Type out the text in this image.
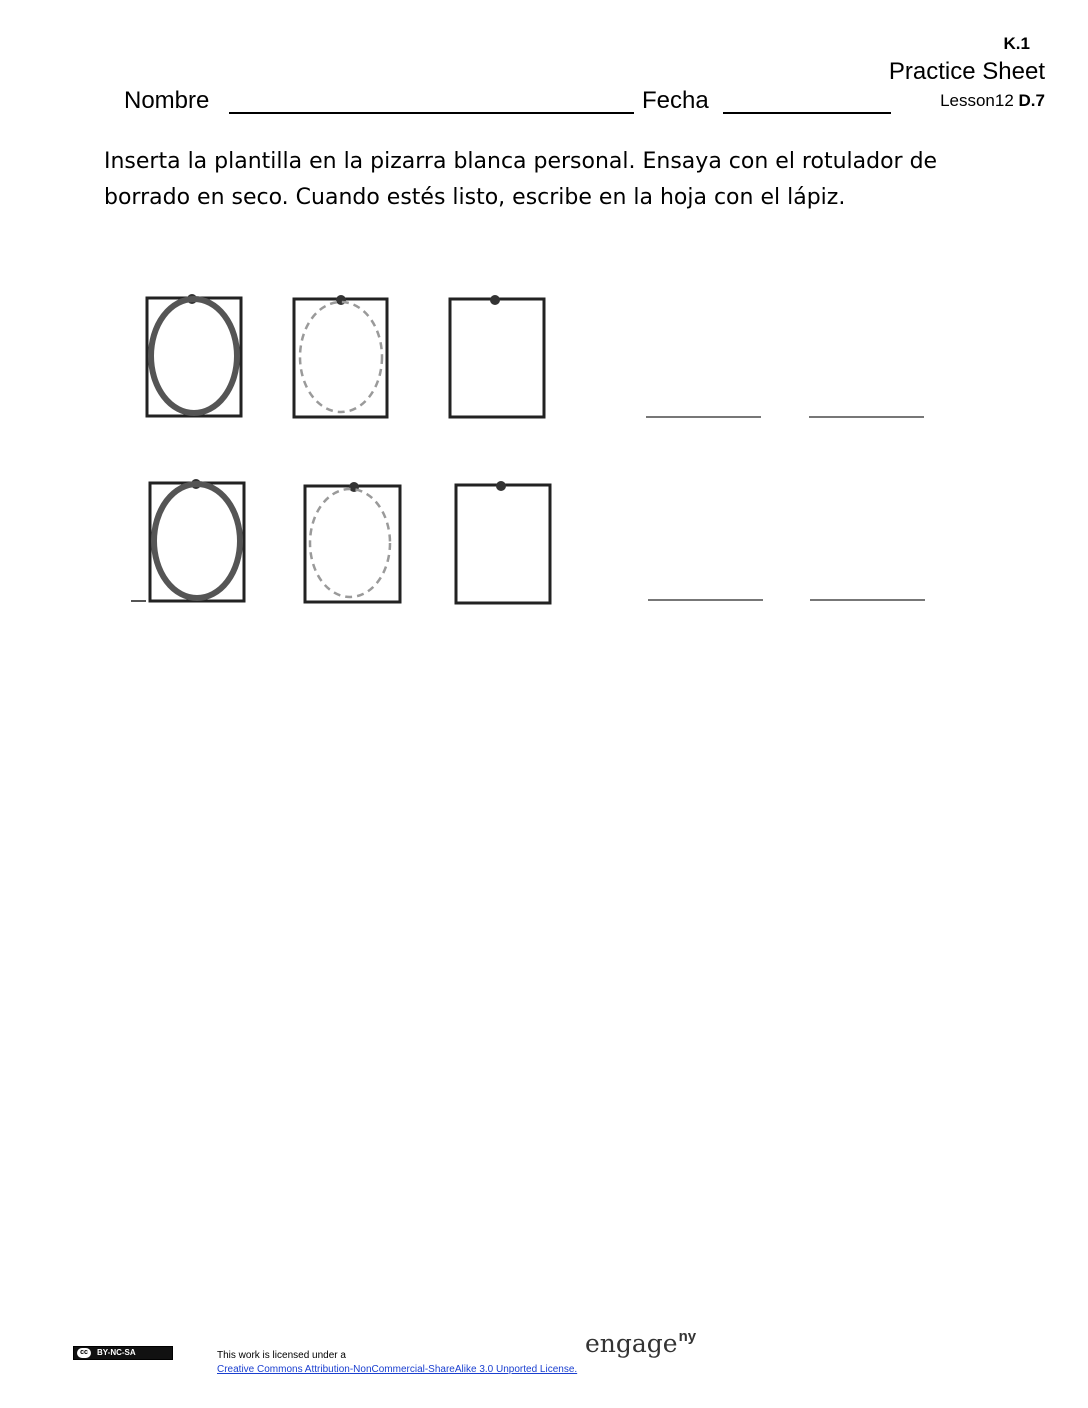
K.1
Practice Sheet
Lesson12 D.7
Nombre	Fecha
Inserta la plantilla en la pizarra blanca personal. Ensaya con el rotulador de
borrado en seco. Cuando estés listo, escribe en la hoja con el lápiz.
cc	BY-NC-SA	This work is licensed under a
Creative Commons Attribution-NonCommercial-ShareAlike 3.0 Unported License.
engage$^{ny}$
